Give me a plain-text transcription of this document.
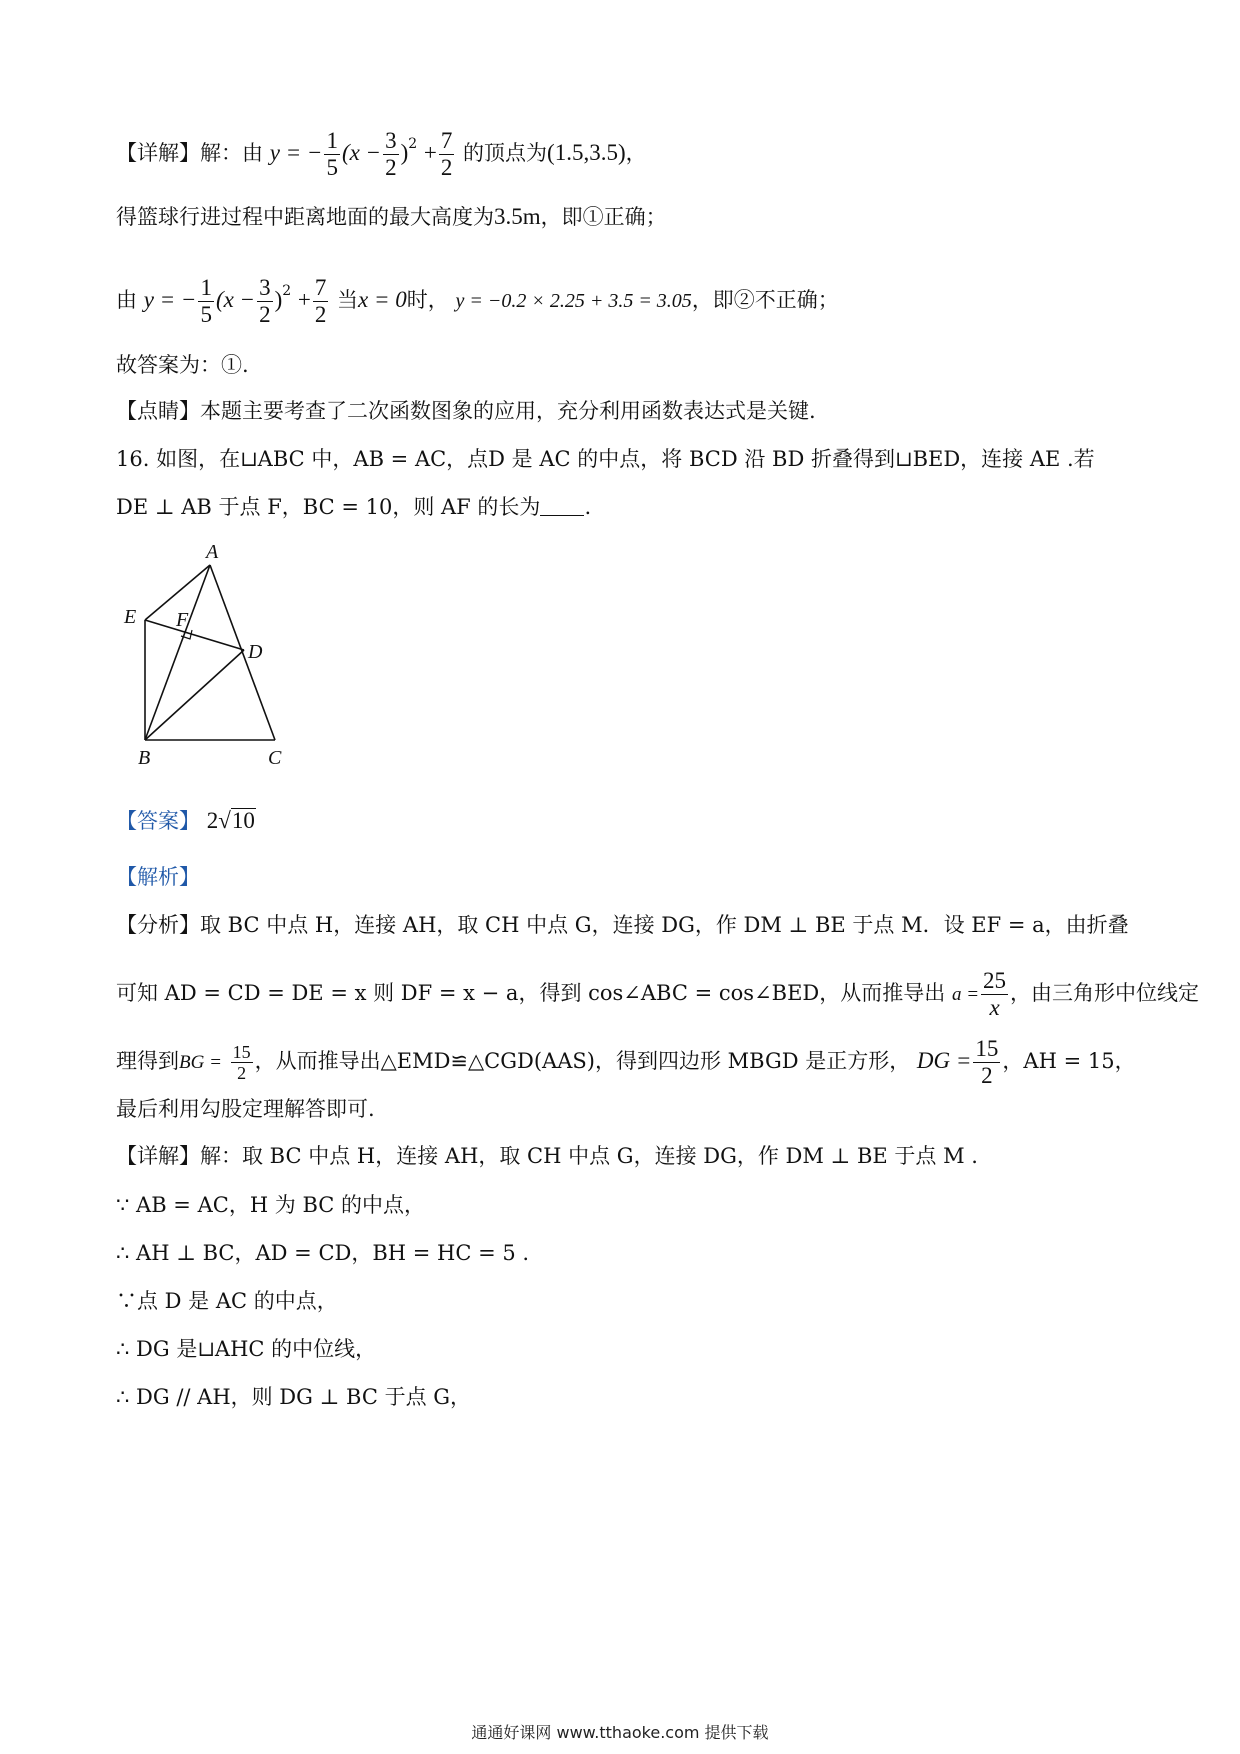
【详解】解：由 y = − $\frac{1}{5} (x - \frac{3}{2} )^2 + \frac{7}{2}$ 的顶点为(1.5,3.5)，
得篮球行进过程中距离地面的最大高度为3.5m，即①正确；
由 y = − $\frac{1}{5} (x - \frac{3}{2} )^2 + \frac{7}{2}$ 当x = 0时， y = −0.2 × 2.25 + 3.5 = 3.05，即②不正确；
故答案为：①.
【点睛】本题主要考查了二次函数图象的应用，充分利用函数表达式是关键.
16. 如图，在⊔ABC 中，AB = AC，点D 是 AC 的中点，将 BCD 沿 BD 折叠得到⊔BED，连接 AE .若
DE ⊥ AB 于点 F，BC = 10，则 AF 的长为 .
A
E F
D
B	C
【答案】 2√10
【解析】
【分析】取 BC 中点 H，连接 AH，取 CH 中点 G，连接 DG，作 DM ⊥ BE 于点 M．设 EF = a，由折叠
可知 AD = CD = DE = x 则 DF = x − a，得到 cos∠ABC = cos∠BED，从而推导出 $a = \frac{25}{x}$ ，由三角形中位线定
理得到BG = $\frac{15}{2}$ ，从而推导出△EMD≌△CGD(AAS)，得到四边形 MBGD 是正方形， DG = $\frac{15}{2}$ ，AH = 15，
最后利用勾股定理解答即可.
【详解】解：取 BC 中点 H，连接 AH，取 CH 中点 G，连接 DG，作 DM ⊥ BE 于点 M .
∵ AB = AC，H 为 BC 的中点，
∴ AH ⊥ BC，AD = CD，BH = HC = 5 .
∵点 D 是 AC 的中点，
∴ DG 是⊔AHC 的中位线，
∴ DG // AH，则 DG ⊥ BC 于点 G，
通通好课网 www.tthaoke.com 提供下载
